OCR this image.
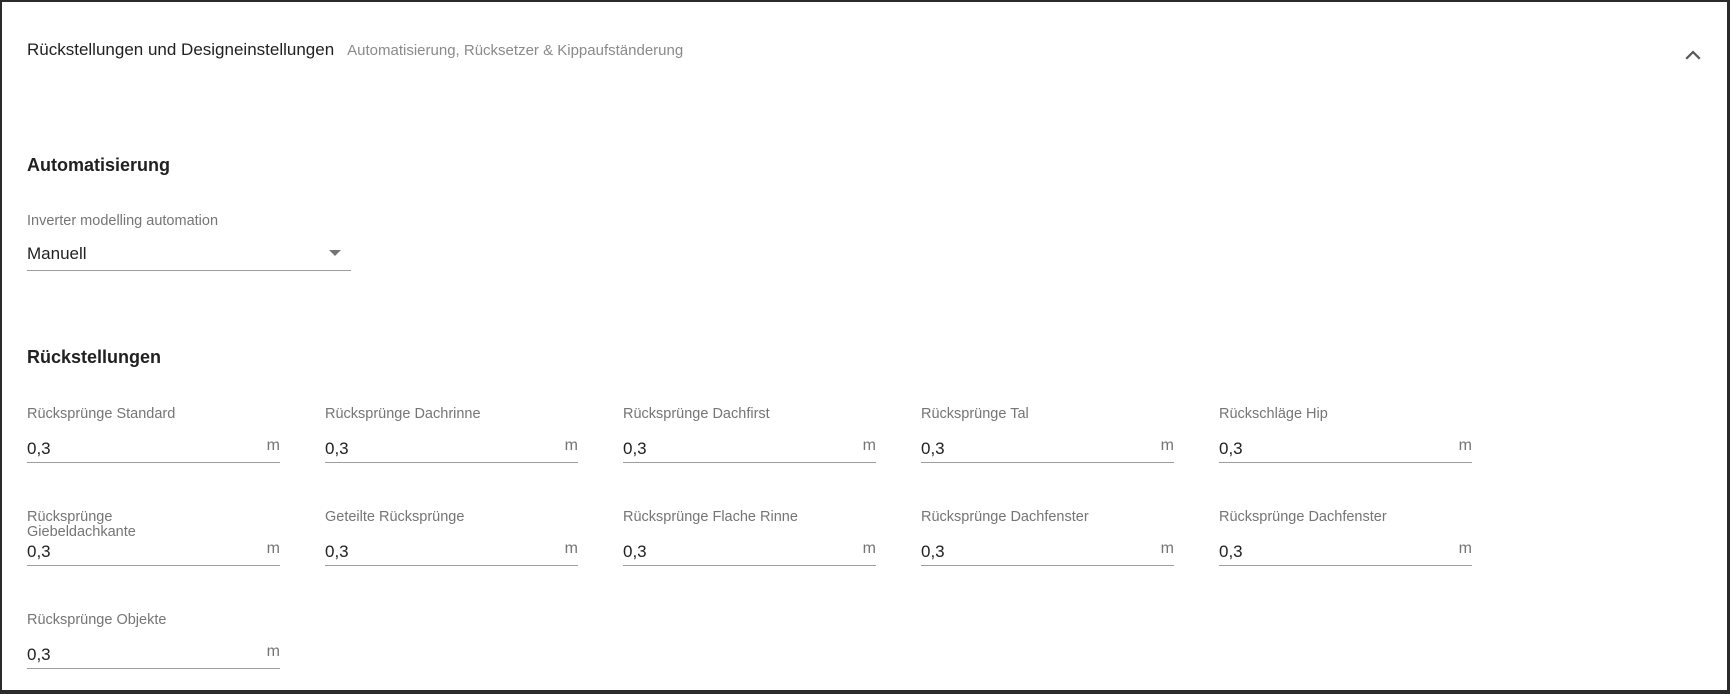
Rückstellungen und Designeinstellungen Automatisierung, Rücksetzer & Kippaufständerung
Automatisierung
Inverter modelling automation
Manuell
Rückstellungen
Rücksprünge Standard
0,3
m
Rücksprünge Dachrinne
0,3
m
Rücksprünge Dachfirst
0,3
m
Rücksprünge Tal
0,3
m
Rückschläge Hip
0,3
m
Rücksprünge Giebeldachkante
0,3
m
Geteilte Rücksprünge
0,3
m
Rücksprünge Flache Rinne
0,3
m
Rücksprünge Dachfenster
0,3
m
Rücksprünge Dachfenster
0,3
m
Rücksprünge Objekte
0,3
m
